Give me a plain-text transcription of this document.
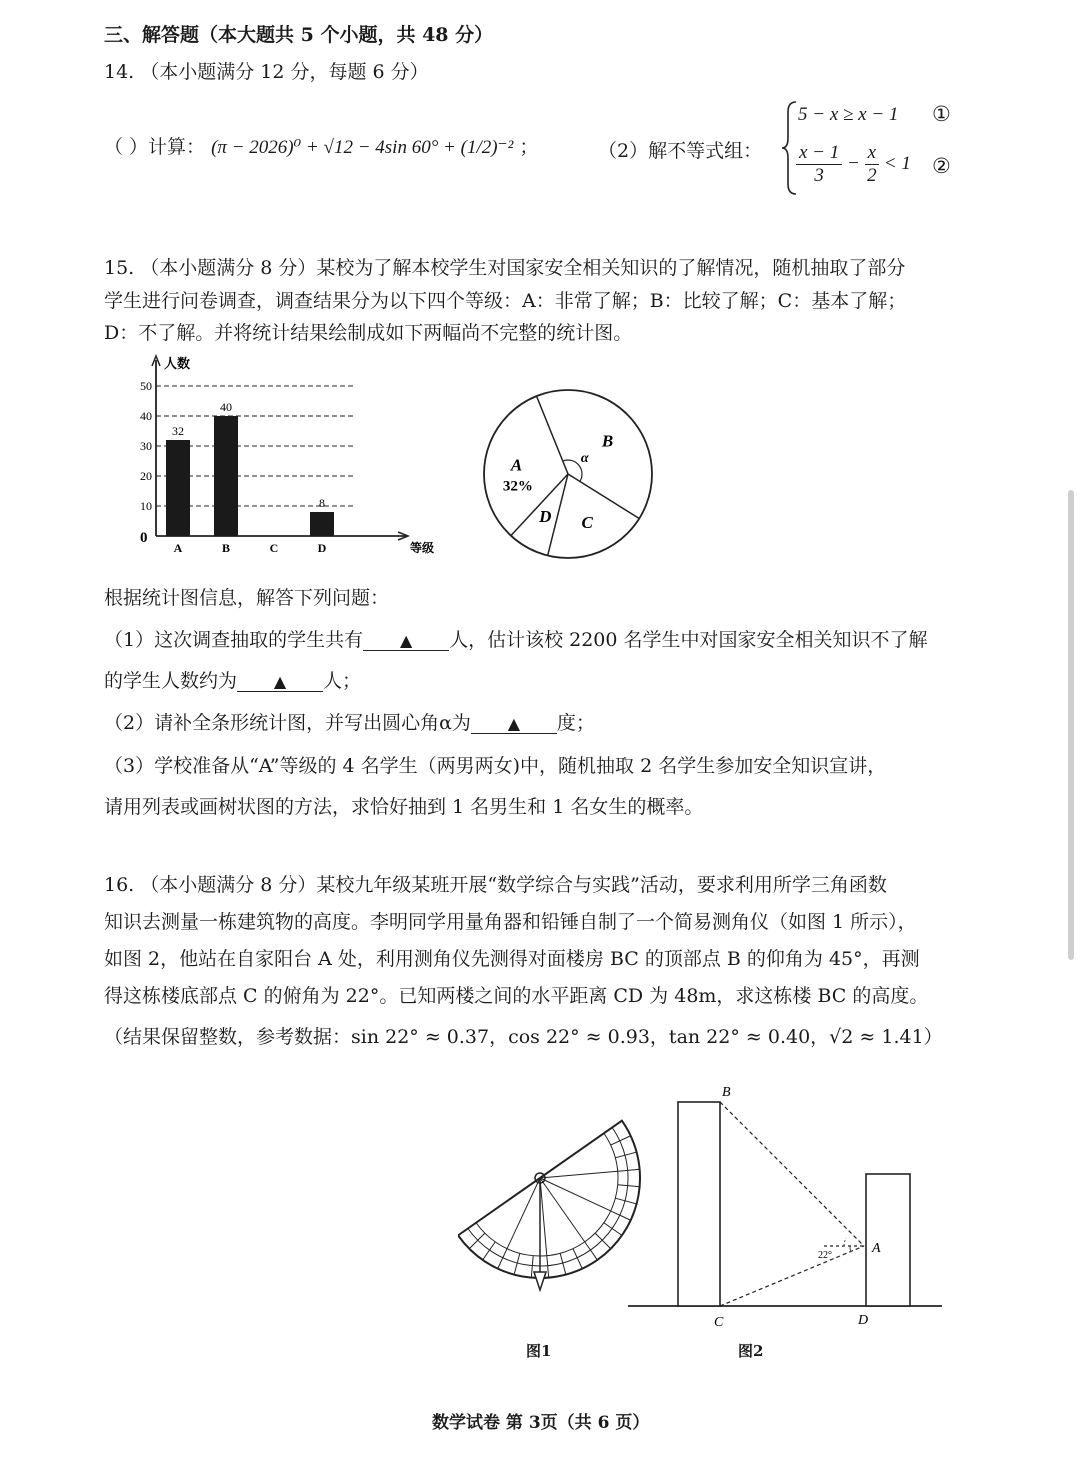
三、解答题（本大题共 5 个小题，共 48 分）
14. （本小题满分 12 分，每题 6 分）
（ ）计算： (π − 2026)⁰ + √12 − 4sin 60° + (1/2)⁻² ；	（2）解不等式组：
5 − x ≥ x − 1 ①
$\frac{x - 1}{3} - \frac{x}{2} < 1$ ②
15. （本小题满分 8 分）某校为了解本校学生对国家安全相关知识的了解情况，随机抽取了部分
学生进行问卷调查，调查结果分为以下四个等级：A：非常了解；B：比较了解；C：基本了解；
D：不了解。并将统计结果绘制成如下两幅尚不完整的统计图。
人数
等级
0
10
20
30
40
50
32
A
40
B	C
8
D
B
C
D
A
32%
α
根据统计图信息，解答下列问题：
（1）这次调查抽取的学生共有 ▲ 人，估计该校 2200 名学生中对国家安全相关知识不了解
的学生人数约为 ▲ 人；
（2）请补全条形统计图，并写出圆心角α为 ▲ 度；
（3）学校准备从“A”等级的 4 名学生（两男两女)中，随机抽取 2 名学生参加安全知识宣讲，
请用列表或画树状图的方法，求恰好抽到 1 名男生和 1 名女生的概率。
16. （本小题满分 8 分）某校九年级某班开展“数学综合与实践”活动，要求利用所学三角函数
知识去测量一栋建筑物的高度。李明同学用量角器和铅锤自制了一个简易测角仪（如图 1 所示），
如图 2，他站在自家阳台 A 处，利用测角仪先测得对面楼房 BC 的顶部点 B 的仰角为 45°，再测
得这栋楼底部点 C 的俯角为 22°。已知两楼之间的水平距离 CD 为 48m，求这栋楼 BC 的高度。
（结果保留整数，参考数据：sin 22° ≈ 0.37，cos 22° ≈ 0.93，tan 22° ≈ 0.40，√2 ≈ 1.41）
图1
B
A
C	D
22°
图2
数学试卷 第 3页（共 6 页）
